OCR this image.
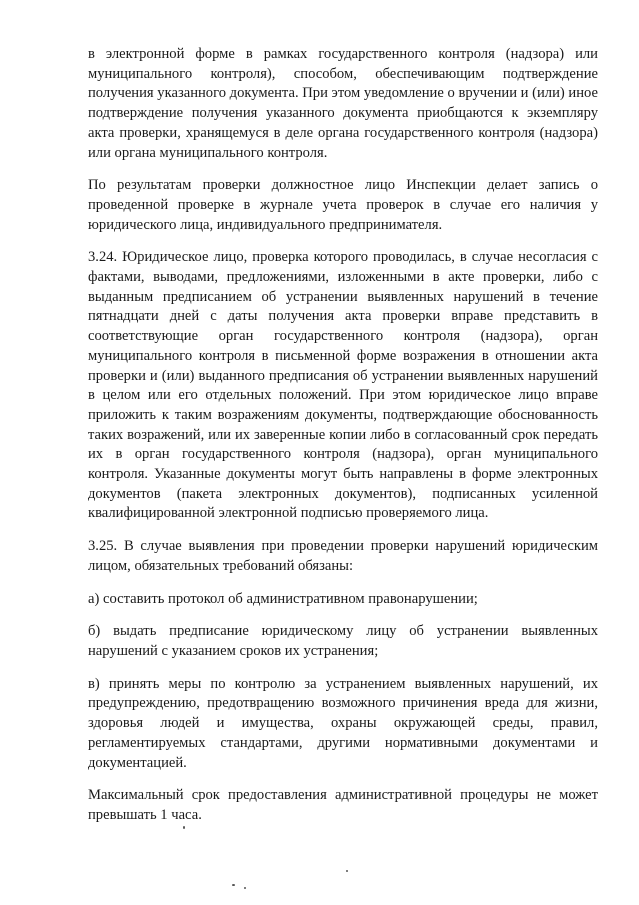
в электронной форме в рамках государственного контроля (надзора) или муниципального контроля), способом, обеспечивающим подтверждение получения указанного документа. При этом уведомление о вручении и (или) иное подтверждение получения указанного документа приобщаются к экземпляру акта проверки, хранящемуся в деле органа государственного контроля (надзора) или органа муниципального контроля.

По результатам проверки должностное лицо Инспекции делает запись о проведенной проверке в журнале учета проверок в случае его наличия у юридического лица, индивидуального предпринимателя.

3.24. Юридическое лицо, проверка которого проводилась, в случае несогласия с фактами, выводами, предложениями, изложенными в акте проверки, либо с выданным предписанием об устранении выявленных нарушений в течение пятнадцати дней с даты получения акта проверки вправе представить в соответствующие орган государственного контроля (надзора), орган муниципального контроля в письменной форме возражения в отношении акта проверки и (или) выданного предписания об устранении выявленных нарушений в целом или его отдельных положений. При этом юридическое лицо вправе приложить к таким возражениям документы, подтверждающие обоснованность таких возражений, или их заверенные копии либо в согласованный срок передать их в орган государственного контроля (надзора), орган муниципального контроля. Указанные документы могут быть направлены в форме электронных документов (пакета электронных документов), подписанных усиленной квалифицированной электронной подписью проверяемого лица.

3.25. В случае выявления при проведении проверки нарушений юридическим лицом, обязательных требований обязаны:

а) составить протокол об административном правонарушении;

б) выдать предписание юридическому лицу об устранении выявленных нарушений с указанием сроков их устранения;

в) принять меры по контролю за устранением выявленных нарушений, их предупреждению, предотвращению возможного причинения вреда для жизни, здоровья людей и имущества, охраны окружающей среды, правил, регламентируемых стандартами, другими нормативными документами и документацией.

Максимальный срок предоставления административной процедуры не может превышать 1 часа.
